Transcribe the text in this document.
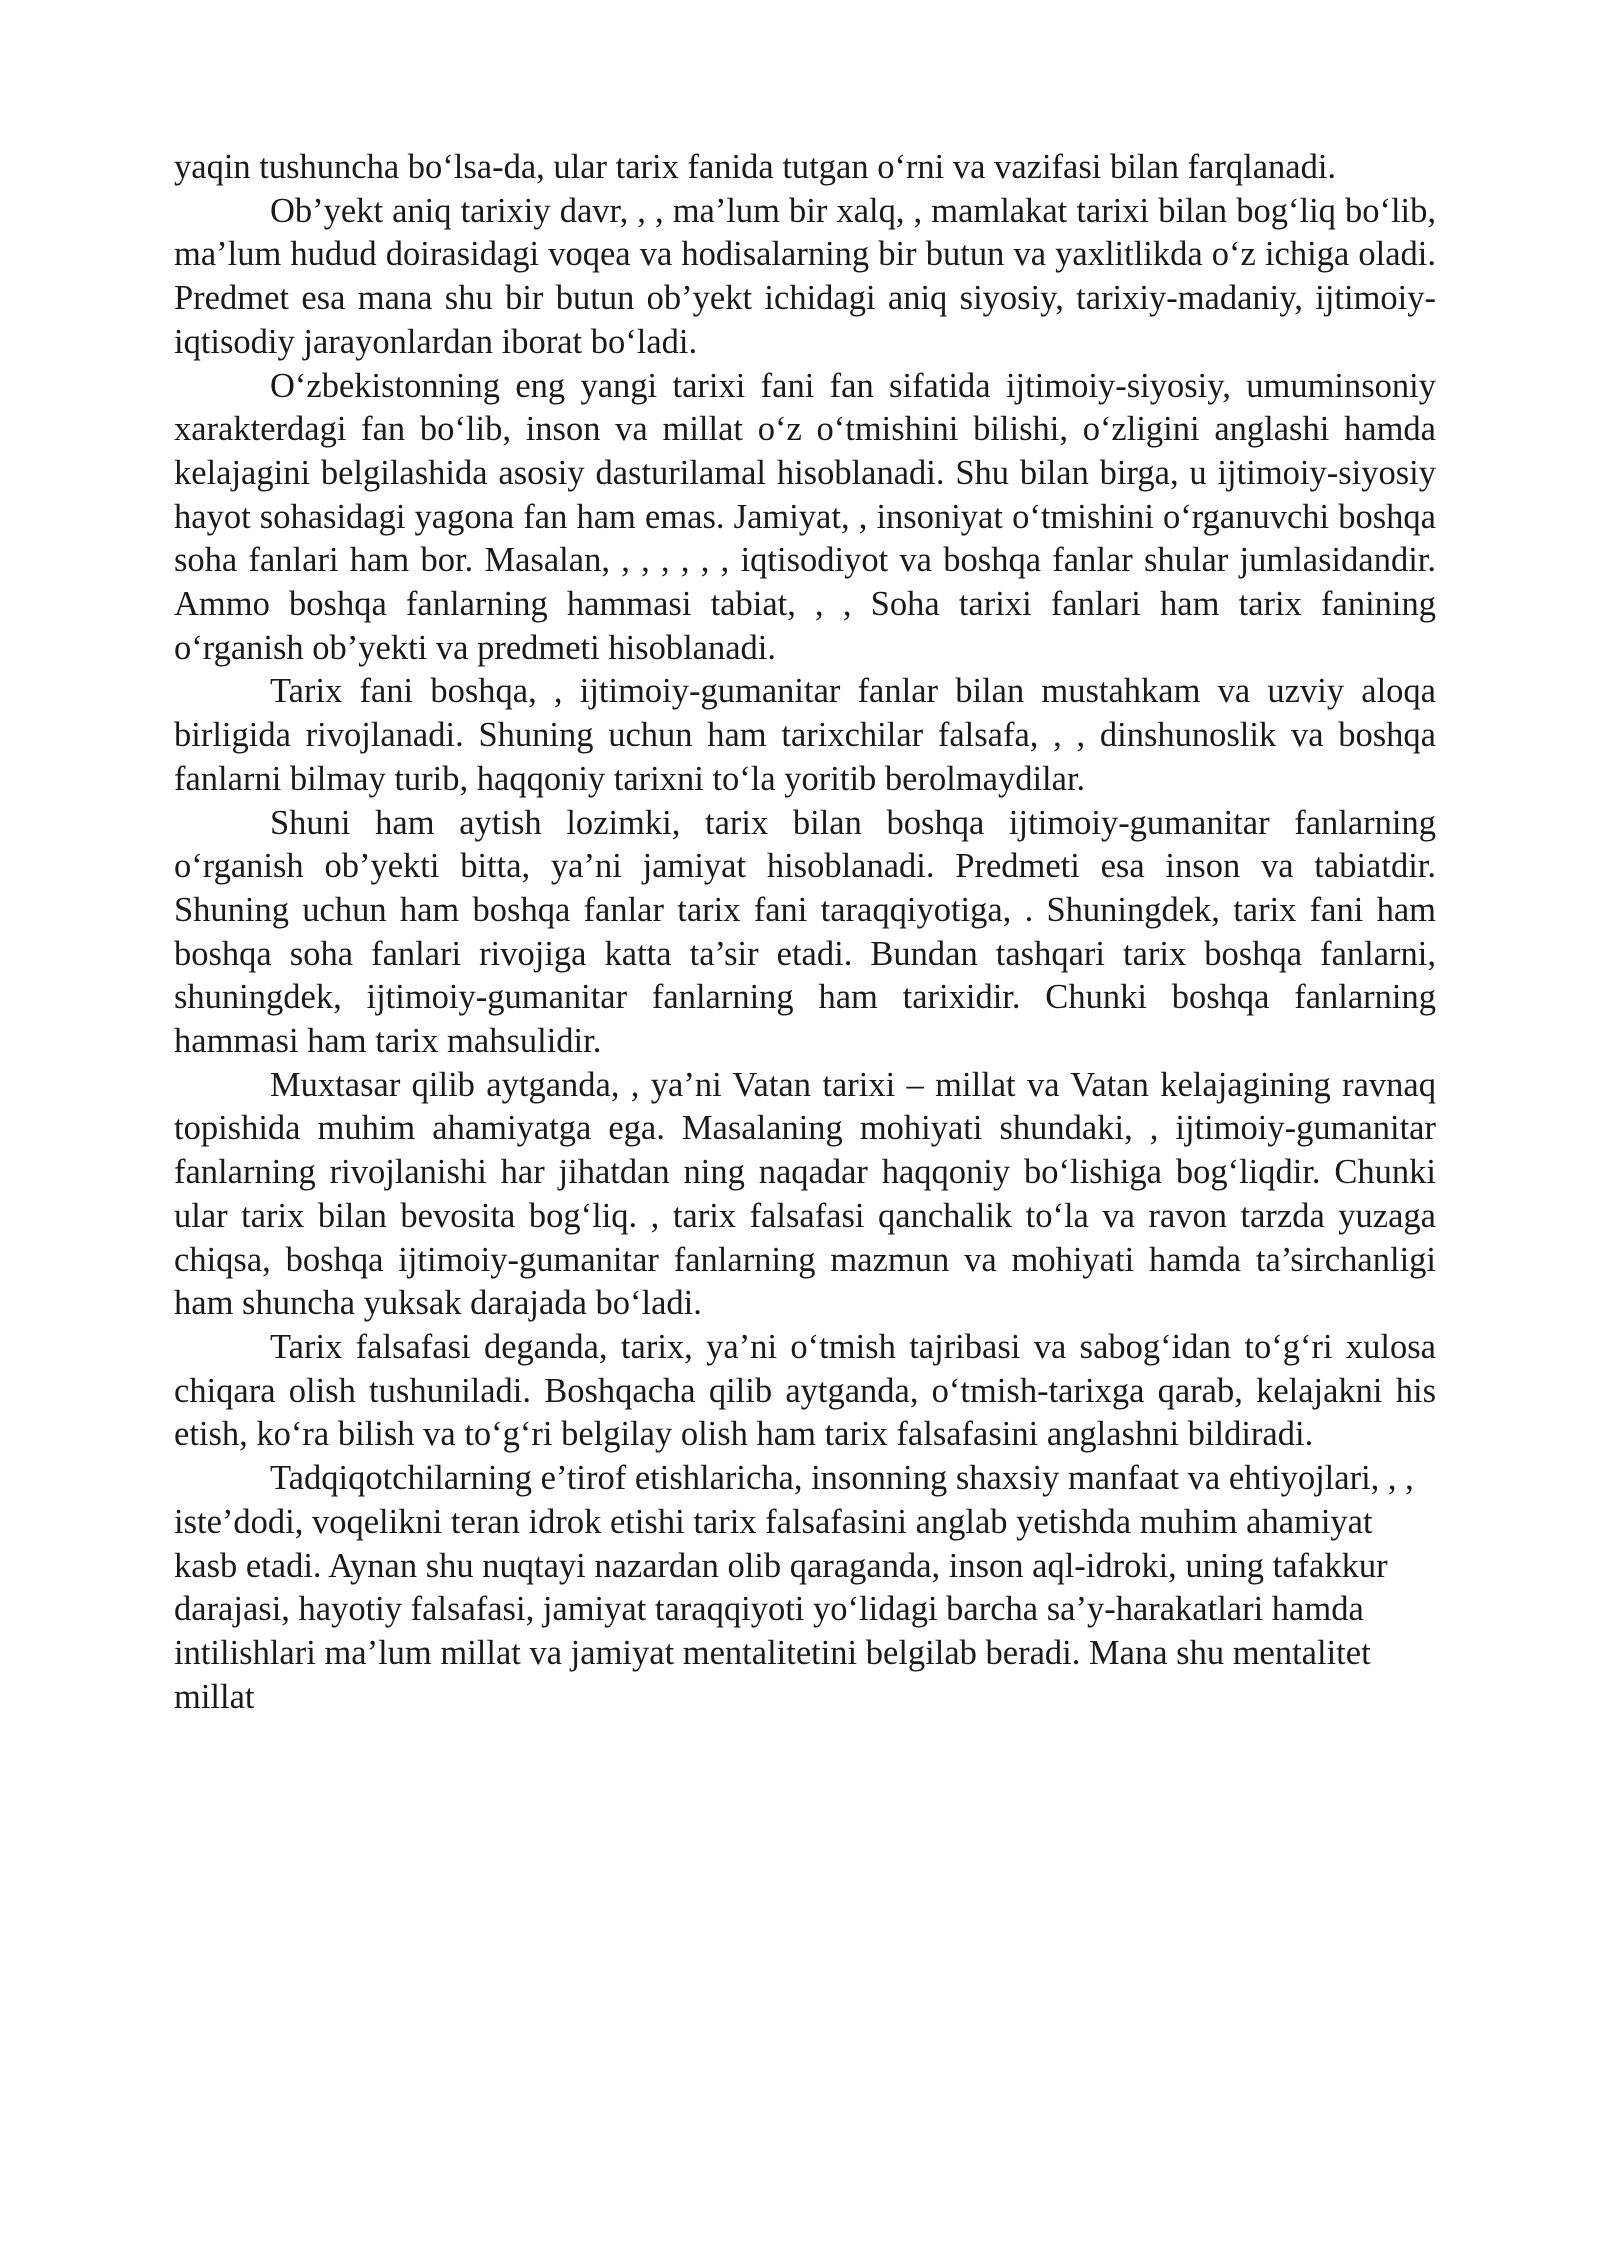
yaqin tushuncha bo‘lsa-da, ular tarix fanida tutgan o‘rni va vazifasi bilan farqlanadi.

Ob’yekt aniq tarixiy davr, , , ma’lum bir xalq, , mamlakat tarixi bilan bog‘liq bo‘lib, ma’lum hudud doirasidagi voqea va hodisalarning bir butun va yaxlitlikda o‘z ichiga oladi. Predmet esa mana shu bir butun ob’yekt ichidagi aniq siyosiy, tarixiy-madaniy, ijtimoiy-iqtisodiy jarayonlardan iborat bo‘ladi.

O‘zbekistonning eng yangi tarixi fani fan sifatida ijtimoiy-siyosiy, umuminsoniy xarakterdagi fan bo‘lib, inson va millat o‘z o‘tmishini bilishi, o‘zligini anglashi hamda kelajagini belgilashida asosiy dasturilamal hisoblanadi. Shu bilan birga, u ijtimoiy-siyosiy hayot sohasidagi yagona fan ham emas. Jamiyat, , insoniyat o‘tmishini o‘rganuvchi boshqa soha fanlari ham bor. Masalan, , , , , , , iqtisodiyot va boshqa fanlar shular jumlasidandir. Ammo boshqa fanlarning hammasi tabiat, , , Soha tarixi fanlari ham tarix fanining o‘rganish ob’yekti va predmeti hisoblanadi.

Tarix fani boshqa, , ijtimoiy-gumanitar fanlar bilan mustahkam va uzviy aloqa birligida rivojlanadi. Shuning uchun ham tarixchilar falsafa, , , dinshunoslik va boshqa fanlarni bilmay turib, haqqoniy tarixni to‘la yoritib berolmaydilar.

Shuni ham aytish lozimki, tarix bilan boshqa ijtimoiy-gumanitar fanlarning o‘rganish ob’yekti bitta, ya’ni jamiyat hisoblanadi. Predmeti esa inson va tabiatdir. Shuning uchun ham boshqa fanlar tarix fani taraqqiyotiga, . Shuningdek, tarix fani ham boshqa soha fanlari rivojiga katta ta’sir etadi. Bundan tashqari tarix boshqa fanlarni, shuningdek, ijtimoiy-gumanitar fanlarning ham tarixidir. Chunki boshqa fanlarning hammasi ham tarix mahsulidir.

Muxtasar qilib aytganda, , ya’ni Vatan tarixi – millat va Vatan kelajagining ravnaq topishida muhim ahamiyatga ega. Masalaning mohiyati shundaki, , ijtimoiy-gumanitar fanlarning rivojlanishi har jihatdan ning naqadar haqqoniy bo‘lishiga bog‘liqdir. Chunki ular tarix bilan bevosita bog‘liq. , tarix falsafasi qanchalik to‘la va ravon tarzda yuzaga chiqsa, boshqa ijtimoiy-gumanitar fanlarning mazmun va mohiyati hamda ta’sirchanligi ham shuncha yuksak darajada bo‘ladi.

Tarix falsafasi deganda, tarix, ya’ni o‘tmish tajribasi va sabog‘idan to‘g‘ri xulosa chiqara olish tushuniladi. Boshqacha qilib aytganda, o‘tmish-tarixga qarab, kelajakni his etish, ko‘ra bilish va to‘g‘ri belgilay olish ham tarix falsafasini anglashni bildiradi.

Tadqiqotchilarning e’tirof etishlaricha, insonning shaxsiy manfaat va ehtiyojlari, , , iste’dodi, voqelikni teran idrok etishi tarix falsafasini anglab yetishda muhim ahamiyat kasb etadi. Aynan shu nuqtayi nazardan olib qaraganda, inson aql-idroki, uning tafakkur darajasi, hayotiy falsafasi, jamiyat taraqqiyoti yo‘lidagi barcha sa’y-harakatlari hamda intilishlari ma’lum millat va jamiyat mentalitetini belgilab beradi. Mana shu mentalitet millat
